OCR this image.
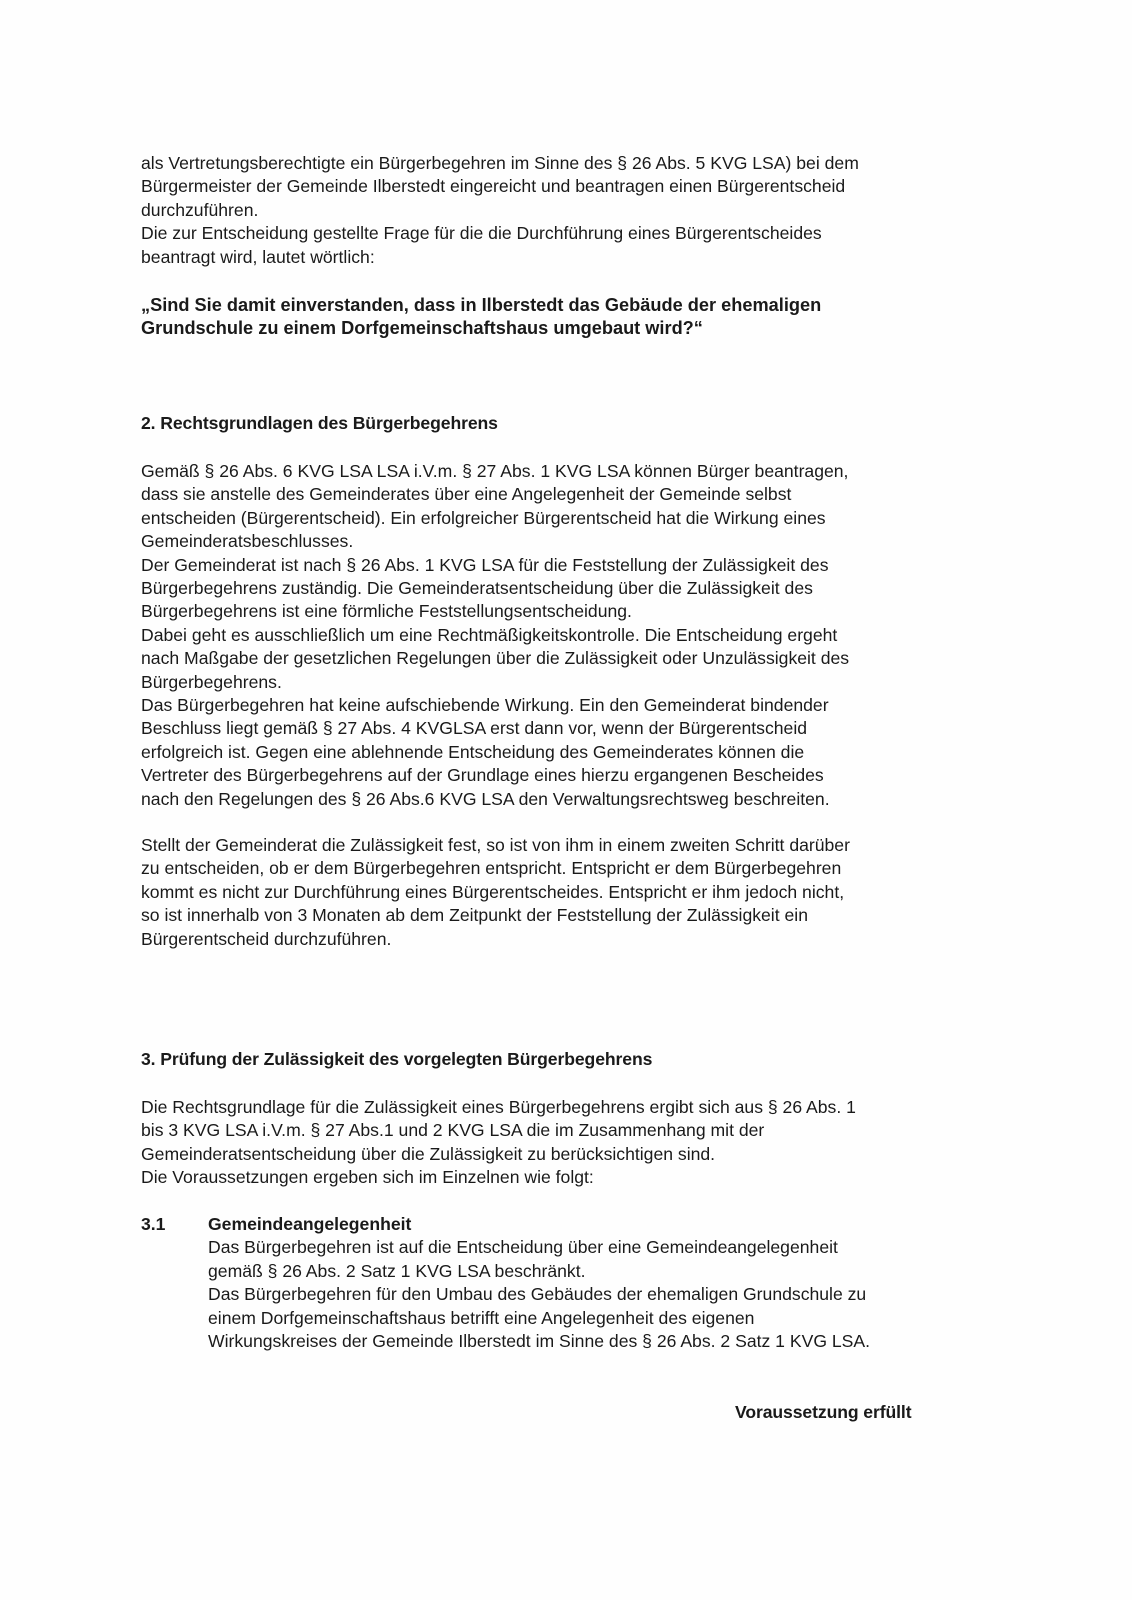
als Vertretungsberechtigte ein Bürgerbegehren im Sinne des § 26 Abs. 5 KVG LSA) bei dem

Bürgermeister der Gemeinde Ilberstedt eingereicht und beantragen einen Bürgerentscheid

durchzuführen.

Die zur Entscheidung gestellte Frage für die die Durchführung eines Bürgerentscheides

beantragt wird, lautet wörtlich:

„Sind Sie damit einverstanden, dass in Ilberstedt das Gebäude der ehemaligen

Grundschule zu einem Dorfgemeinschaftshaus umgebaut wird?“

2. Rechtsgrundlagen des Bürgerbegehrens

Gemäß § 26 Abs. 6 KVG LSA LSA i.V.m. § 27 Abs. 1 KVG LSA können Bürger beantragen,

dass sie anstelle des Gemeinderates über eine Angelegenheit der Gemeinde selbst

entscheiden (Bürgerentscheid). Ein erfolgreicher Bürgerentscheid hat die Wirkung eines

Gemeinderatsbeschlusses.

Der Gemeinderat ist nach § 26 Abs. 1 KVG LSA für die Feststellung der Zulässigkeit des

Bürgerbegehrens zuständig. Die Gemeinderatsentscheidung über die Zulässigkeit des

Bürgerbegehrens ist eine förmliche Feststellungsentscheidung.

Dabei geht es ausschließlich um eine Rechtmäßigkeitskontrolle. Die Entscheidung ergeht

nach Maßgabe der gesetzlichen Regelungen über die Zulässigkeit oder Unzulässigkeit des

Bürgerbegehrens.

Das Bürgerbegehren hat keine aufschiebende Wirkung. Ein den Gemeinderat bindender

Beschluss liegt gemäß § 27 Abs. 4 KVGLSA erst dann vor, wenn der Bürgerentscheid

erfolgreich ist. Gegen eine ablehnende Entscheidung des Gemeinderates können die

Vertreter des Bürgerbegehrens auf der Grundlage eines hierzu ergangenen Bescheides

nach den Regelungen des § 26 Abs.6 KVG LSA den Verwaltungsrechtsweg beschreiten.

Stellt der Gemeinderat die Zulässigkeit fest, so ist von ihm in einem zweiten Schritt darüber

zu entscheiden, ob er dem Bürgerbegehren entspricht. Entspricht er dem Bürgerbegehren

kommt es nicht zur Durchführung eines Bürgerentscheides. Entspricht er ihm jedoch nicht,

so ist innerhalb von 3 Monaten ab dem Zeitpunkt der Feststellung der Zulässigkeit ein

Bürgerentscheid durchzuführen.

3. Prüfung der Zulässigkeit des vorgelegten Bürgerbegehrens

Die Rechtsgrundlage für die Zulässigkeit eines Bürgerbegehrens ergibt sich aus § 26 Abs. 1

bis 3 KVG LSA i.V.m. § 27 Abs.1 und 2 KVG LSA die im Zusammenhang mit der

Gemeinderatsentscheidung über die Zulässigkeit zu berücksichtigen sind.

Die Voraussetzungen ergeben sich im Einzelnen wie folgt:

3.1 Gemeindeangelegenheit

Das Bürgerbegehren ist auf die Entscheidung über eine Gemeindeangelegenheit

gemäß § 26 Abs. 2 Satz 1 KVG LSA beschränkt.

Das Bürgerbegehren für den Umbau des Gebäudes der ehemaligen Grundschule zu

einem Dorfgemeinschaftshaus betrifft eine Angelegenheit des eigenen

Wirkungskreises der Gemeinde Ilberstedt im Sinne des § 26 Abs. 2 Satz 1 KVG LSA.

Voraussetzung erfüllt
